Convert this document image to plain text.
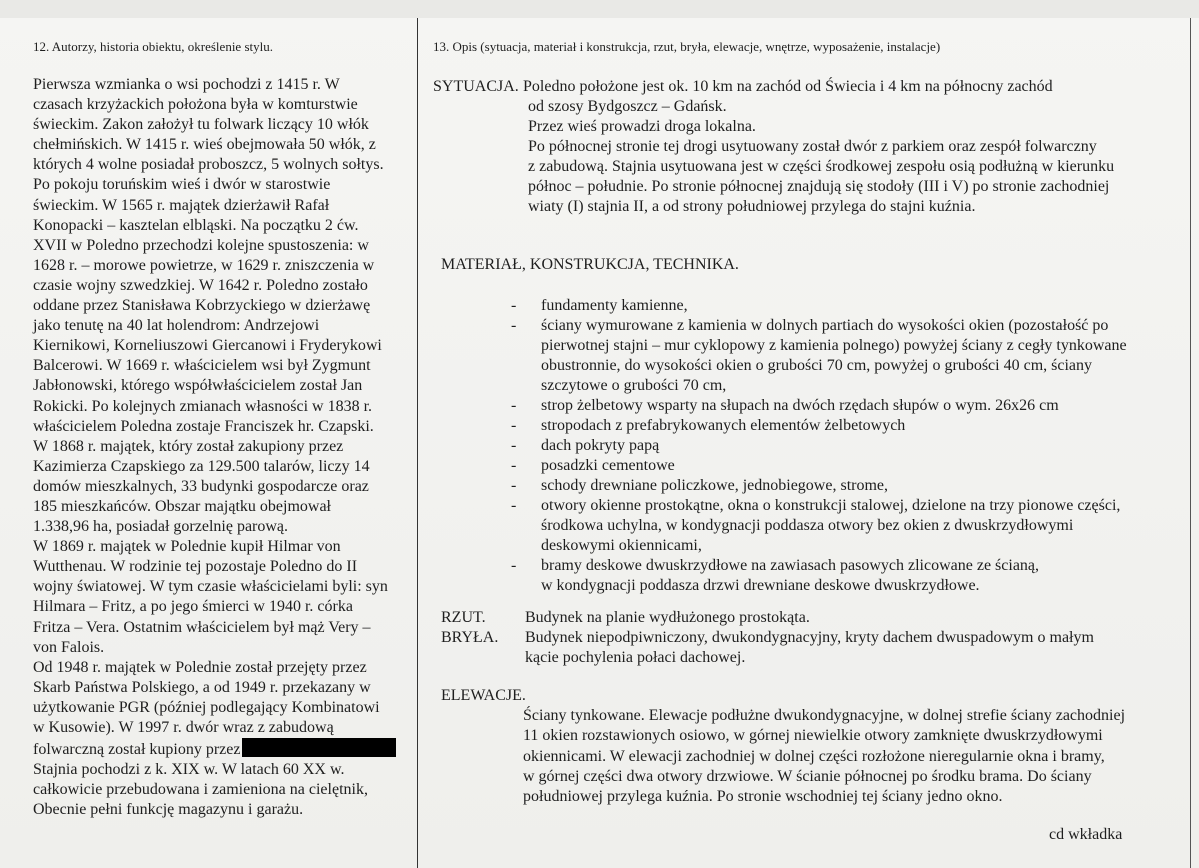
12. Autorzy, historia obiektu, określenie stylu.
Pierwsza wzmianka o wsi pochodzi z 1415 r. W
czasach krzyżackich położona była w komturstwie
świeckim. Zakon założył tu folwark liczący 10 włók
chełmińskich. W 1415 r. wieś obejmowała 50 włók, z
których 4 wolne posiadał proboszcz, 5 wolnych sołtys.
Po pokoju toruńskim wieś i dwór w starostwie
świeckim. W 1565 r. majątek dzierżawił Rafał
Konopacki – kasztelan elbląski. Na początku 2 ćw.
XVII w Poledno przechodzi kolejne spustoszenia: w
1628 r. – morowe powietrze, w 1629 r. zniszczenia w
czasie wojny szwedzkiej. W 1642 r. Poledno zostało
oddane przez Stanisława Kobrzyckiego w dzierżawę
jako tenutę na 40 lat holendrom: Andrzejowi
Kiernikowi, Korneliuszowi Giercanowi i Fryderykowi
Balcerowi. W 1669 r. właścicielem wsi był Zygmunt
Jabłonowski, którego współwłaścicielem został Jan
Rokicki. Po kolejnych zmianach własności w 1838 r.
właścicielem Poledna zostaje Franciszek hr. Czapski.
W 1868 r. majątek, który został zakupiony przez
Kazimierza Czapskiego za 129.500 talarów, liczy 14
domów mieszkalnych, 33 budynki gospodarcze oraz
185 mieszkańców. Obszar majątku obejmował
1.338,96 ha, posiadał gorzelnię parową.
W 1869 r. majątek w Polednie kupił Hilmar von
Wutthenau. W rodzinie tej pozostaje Poledno do II
wojny światowej. W tym czasie właścicielami byli: syn
Hilmara – Fritz, a po jego śmierci w 1940 r. córka
Fritza – Vera. Ostatnim właścicielem był mąż Very –
von Falois.
Od 1948 r. majątek w Polednie został przejęty przez
Skarb Państwa Polskiego, a od 1949 r. przekazany w
użytkowanie PGR (później podlegający Kombinatowi
w Kusowie). W 1997 r. dwór wraz z zabudową
folwarczną został kupiony przez
Stajnia pochodzi z k. XIX w. W latach 60 XX w.
całkowicie przebudowana i zamieniona na cielętnik,
Obecnie pełni funkcję magazynu i garażu.
13. Opis (sytuacja, materiał i konstrukcja, rzut, bryła, elewacje, wnętrze, wyposażenie, instalacje)
SYTUACJA. Poledno położone jest ok. 10 km na zachód od Świecia i 4 km na północny zachód
od szosy Bydgoszcz – Gdańsk.
Przez wieś prowadzi droga lokalna.
Po północnej stronie tej drogi usytuowany został dwór z parkiem oraz zespół folwarczny
z zabudową. Stajnia usytuowana jest w części środkowej zespołu osią podłużną w kierunku
północ – południe. Po stronie północnej znajdują się stodoły (III i V) po stronie zachodniej
wiaty (I) stajnia II, a od strony południowej przylega do stajni kuźnia.
MATERIAŁ, KONSTRUKCJA, TECHNIKA.
-	fundamenty kamienne,
-	ściany wymurowane z kamienia w dolnych partiach do wysokości okien (pozostałość po
pierwotnej stajni – mur cyklopowy z kamienia polnego) powyżej ściany z cegły tynkowane
obustronnie, do wysokości okien o grubości 70 cm, powyżej o grubości 40 cm, ściany
szczytowe o grubości 70 cm,
-	strop żelbetowy wsparty na słupach na dwóch rzędach słupów o wym. 26x26 cm
-	stropodach z prefabrykowanych elementów żelbetowych
-	dach pokryty papą
-	posadzki cementowe
-	schody drewniane policzkowe, jednobiegowe, strome,
-	otwory okienne prostokątne, okna o konstrukcji stalowej, dzielone na trzy pionowe części,
środkowa uchylna, w kondygnacji poddasza otwory bez okien z dwuskrzydłowymi
deskowymi okiennicami,
-	bramy deskowe dwuskrzydłowe na zawiasach pasowych zlicowane ze ścianą,
w kondygnacji poddasza drzwi drewniane deskowe dwuskrzydłowe.
RZUT.	Budynek na planie wydłużonego prostokąta.
BRYŁA.	Budynek niepodpiwniczony, dwukondygnacyjny, kryty dachem dwuspadowym o małym
kącie pochylenia połaci dachowej.
ELEWACJE.
Ściany tynkowane. Elewacje podłużne dwukondygnacyjne, w dolnej strefie ściany zachodniej
11 okien rozstawionych osiowo, w górnej niewielkie otwory zamknięte dwuskrzydłowymi
okiennicami. W elewacji zachodniej w dolnej części rozłożone nieregularnie okna i bramy,
w górnej części dwa otwory drzwiowe. W ścianie północnej po środku brama. Do ściany
południowej przylega kuźnia. Po stronie wschodniej tej ściany jedno okno.
cd wkładka
